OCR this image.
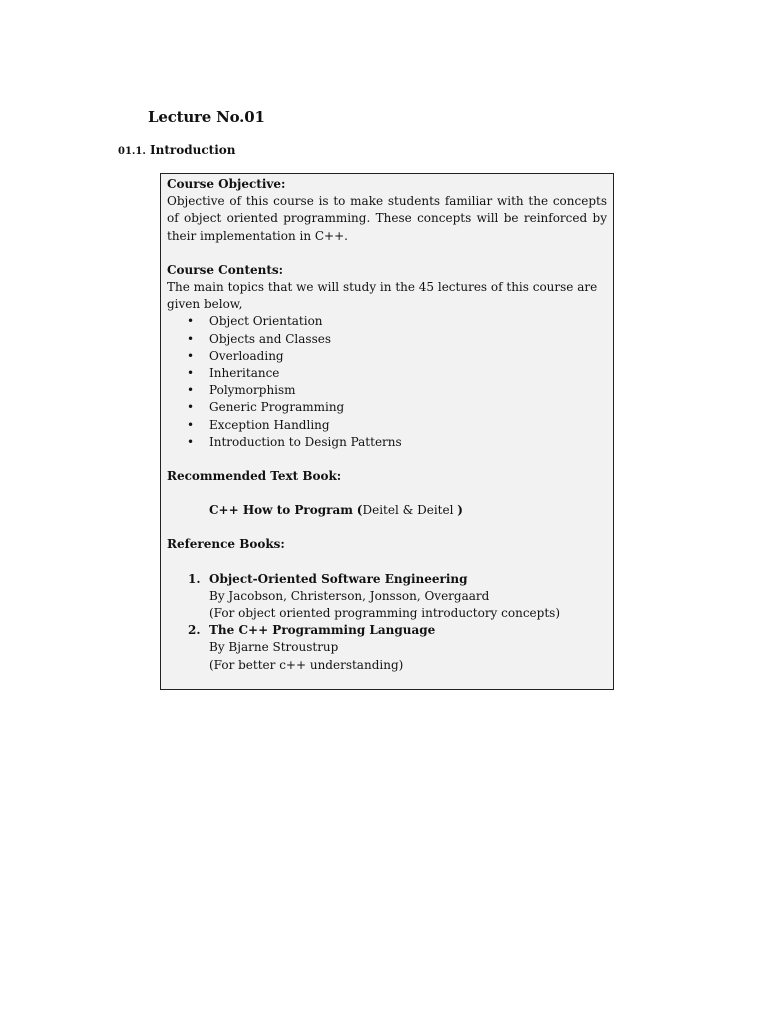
Lecture No.01
01.1. Introduction
Course Objective:
Objective of this course is to make students familiar with the concepts of object oriented programming. These concepts will be reinforced by their implementation in C++.
Course Contents:
The main topics that we will study in the 45 lectures of this course are given below,
• Object Orientation
• Objects and Classes
• Overloading
• Inheritance
• Polymorphism
• Generic Programming
• Exception Handling
• Introduction to Design Patterns
Recommended Text Book:
C++ How to Program (Deitel & Deitel )
Reference Books:
1. Object-Oriented Software Engineering
By Jacobson, Christerson, Jonsson, Overgaard
(For object oriented programming introductory concepts)
2. The C++ Programming Language
By Bjarne Stroustrup
(For better c++ understanding)
